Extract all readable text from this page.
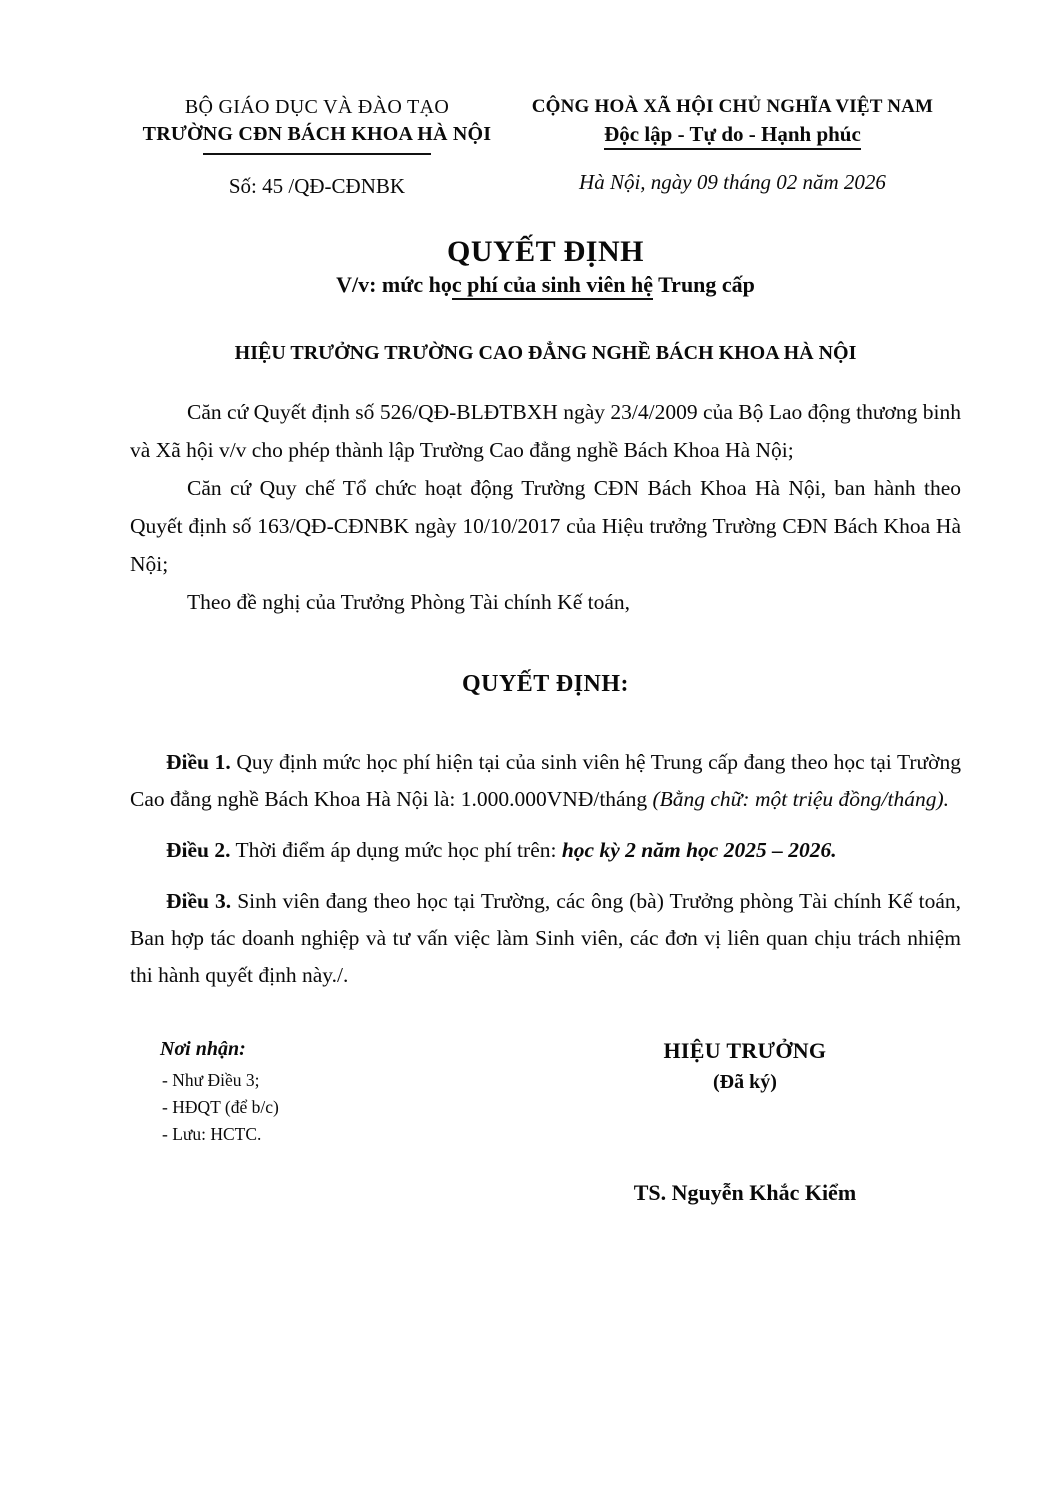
BỘ GIÁO DỤC VÀ ĐÀO TẠO
TRƯỜNG CĐN BÁCH KHOA HÀ NỘI
Số: 45 /QĐ-CĐNBK
CỘNG HOÀ XÃ HỘI CHỦ NGHĨA VIỆT NAM
Độc lập - Tự do - Hạnh phúc
Hà Nội, ngày 09 tháng 02 năm 2026
QUYẾT ĐỊNH
V/v: mức học phí của sinh viên hệ Trung cấp
HIỆU TRƯỞNG TRƯỜNG CAO ĐẲNG NGHỀ BÁCH KHOA HÀ NỘI

Căn cứ Quyết định số 526/QĐ-BLĐTBXH ngày 23/4/2009 của Bộ Lao động thương binh và Xã hội v/v cho phép thành lập Trường Cao đẳng nghề Bách Khoa Hà Nội;

Căn cứ Quy chế Tổ chức hoạt động Trường CĐN Bách Khoa Hà Nội, ban hành theo Quyết định số 163/QĐ-CĐNBK ngày 10/10/2017 của Hiệu trưởng Trường CĐN Bách Khoa Hà Nội;

Theo đề nghị của Trưởng Phòng Tài chính Kế toán,

QUYẾT ĐỊNH:

Điều 1. Quy định mức học phí hiện tại của sinh viên hệ Trung cấp đang theo học tại Trường Cao đẳng nghề Bách Khoa Hà Nội là: 1.000.000VNĐ/tháng (Bằng chữ: một triệu đồng/tháng).

Điều 2. Thời điểm áp dụng mức học phí trên: học kỳ 2 năm học 2025 – 2026.

Điều 3. Sinh viên đang theo học tại Trường, các ông (bà) Trưởng phòng Tài chính Kế toán, Ban hợp tác doanh nghiệp và tư vấn việc làm Sinh viên, các đơn vị liên quan chịu trách nhiệm thi hành quyết định này./.

Nơi nhận:
- Như Điều 3;
- HĐQT (để b/c)
- Lưu: HCTC.
HIỆU TRƯỞNG
(Đã ký)
TS. Nguyễn Khắc Kiểm
